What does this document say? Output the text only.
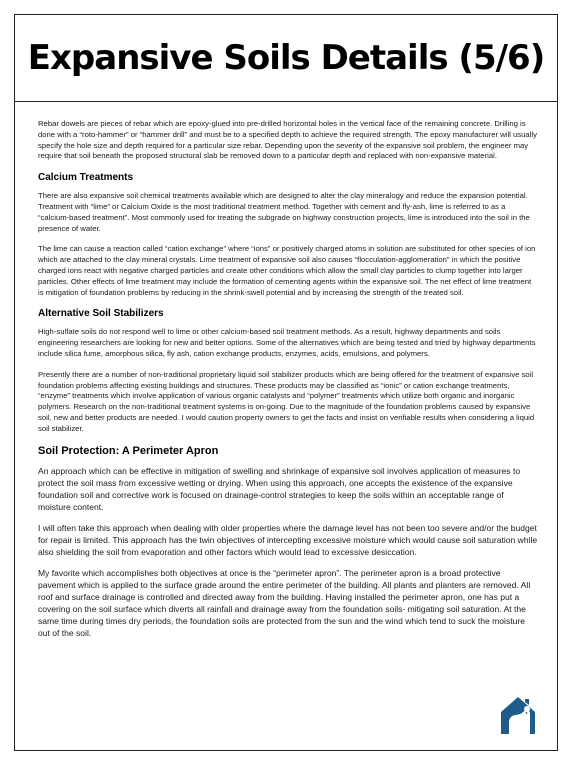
Expansive Soils Details (5/6)

Rebar dowels are pieces of rebar which are epoxy-glued into pre-drilled horizontal holes in the vertical face of the remaining concrete. Drilling is done with a “roto-hammer” or “hammer drill” and must be to a specified depth to achieve the required strength. The epoxy manufacturer will usually specify the hole size and depth required for a particular size rebar. Depending upon the severity of the expansive soil problem, the engineer may require that soil beneath the proposed structural slab be removed down to a particular depth and replaced with non-expansive material.

Calcium Treatments

There are also expansive soil chemical treatments available which are designed to alter the clay mineralogy and reduce the expansion potential. Treatment with “lime” or Calcium Oxide is the most traditional treatment method. Together with cement and fly-ash, lime is referred to as a “calcium-based treatment”. Most commonly used for treating the subgrade on highway construction projects, lime is introduced into the soil in the presence of water.

The lime can cause a reaction called “cation exchange” where “ions” or positively charged atoms in solution are substituted for other species of ion which are attached to the clay mineral crystals. Lime treatment of expansive soil also causes “flocculation-agglomeration” in which the positive charged ions react with negative charged particles and create other conditions which allow the small clay particles to clump together into larger particles. Other effects of lime treatment may include the formation of cementing agents within the expansive soil. The net effect of lime treatment is mitigation of foundation problems by reducing in the shrink-swell potential and by increasing the strength of the treated soil.

Alternative Soil Stabilizers

High-sulfate soils do not respond well to lime or other calcium-based soil treatment methods. As a result, highway departments and soils engineering researchers are looking for new and better options. Some of the alternatives which are being tested and tried by highway departments include silica fume, amorphous silica, fly ash, cation exchange products, enzymes, acids, emulsions, and polymers.

Presently there are a number of non-traditional proprietary liquid soil stabilizer products which are being offered for the treatment of expansive soil foundation problems affecting existing buildings and structures. These products may be classified as “ionic” or cation exchange treatments, “enzyme” treatments which involve application of various organic catalysts and “polymer” treatments which utilize both organic and inorganic polymers. Research on the non-traditional treatment systems is on-going. Due to the magnitude of the foundation problems caused by expansive soil, new and better products are needed. I would caution property owners to get the facts and insist on verifiable results when considering a liquid soil stabilizer.

Soil Protection: A Perimeter Apron

An approach which can be effective in mitigation of swelling and shrinkage of expansive soil involves application of measures to protect the soil mass from excessive wetting or drying. When using this approach, one accepts the existence of the expansive foundation soil and corrective work is focused on drainage-control strategies to keep the soils within an acceptable range of moisture content.

I will often take this approach when dealing with older properties where the damage level has not been too severe and/or the budget for repair is limited. This approach has the twin objectives of intercepting excessive moisture which would cause soil saturation while also shielding the soil from evaporation and other factors which would lead to excessive desiccation.

My favorite which accomplishes both objectives at once is the “perimeter apron”. The perimeter apron is a broad protective pavement which is applied to the surface grade around the entire perimeter of the building. All plants and planters are removed. All roof and surface drainage is controlled and directed away from the building. Having installed the perimeter apron, one has put a covering on the soil surface which diverts all rainfall and drainage away from the foundation soils- mitigating soil saturation. At the same time during times dry periods, the foundation soils are protected from the sun and the wind which tend to suck the moisture out of the soil.
